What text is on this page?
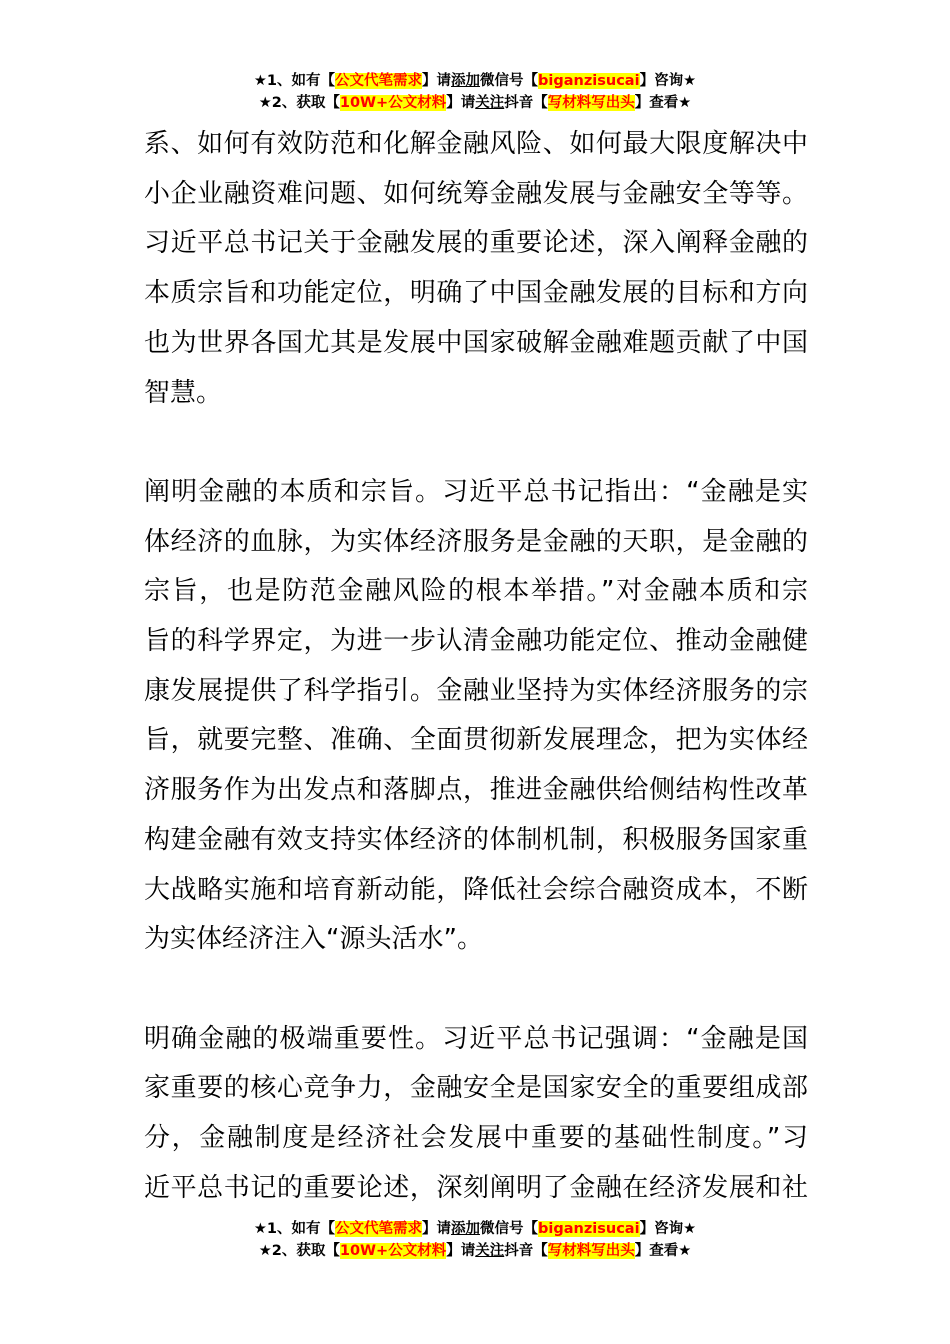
★1、如有【公文代笔需求】请添加微信号【biganzisucai】咨询★
★2、获取【10W+公文材料】请关注抖音【写材料写出头】查看★
系、如何有效防范和化解金融风险、如何最大限度解决中
小企业融资难问题、如何统筹金融发展与金融安全等等。
习近平总书记关于金融发展的重要论述，深入阐释金融的
本质宗旨和功能定位，明确了中国金融发展的目标和方向
也为世界各国尤其是发展中国家破解金融难题贡献了中国
智慧。
阐明金融的本质和宗旨。习近平总书记指出：“金融是实
体经济的血脉，为实体经济服务是金融的天职，是金融的
宗旨，也是防范金融风险的根本举措。”对金融本质和宗
旨的科学界定，为进一步认清金融功能定位、推动金融健
康发展提供了科学指引。金融业坚持为实体经济服务的宗
旨，就要完整、准确、全面贯彻新发展理念，把为实体经
济服务作为出发点和落脚点，推进金融供给侧结构性改革
构建金融有效支持实体经济的体制机制，积极服务国家重
大战略实施和培育新动能，降低社会综合融资成本，不断
为实体经济注入“源头活水”。
明确金融的极端重要性。习近平总书记强调：“金融是国
家重要的核心竞争力，金融安全是国家安全的重要组成部
分，金融制度是经济社会发展中重要的基础性制度。”习
近平总书记的重要论述，深刻阐明了金融在经济发展和社
★1、如有【公文代笔需求】请添加微信号【biganzisucai】咨询★
★2、获取【10W+公文材料】请关注抖音【写材料写出头】查看★
